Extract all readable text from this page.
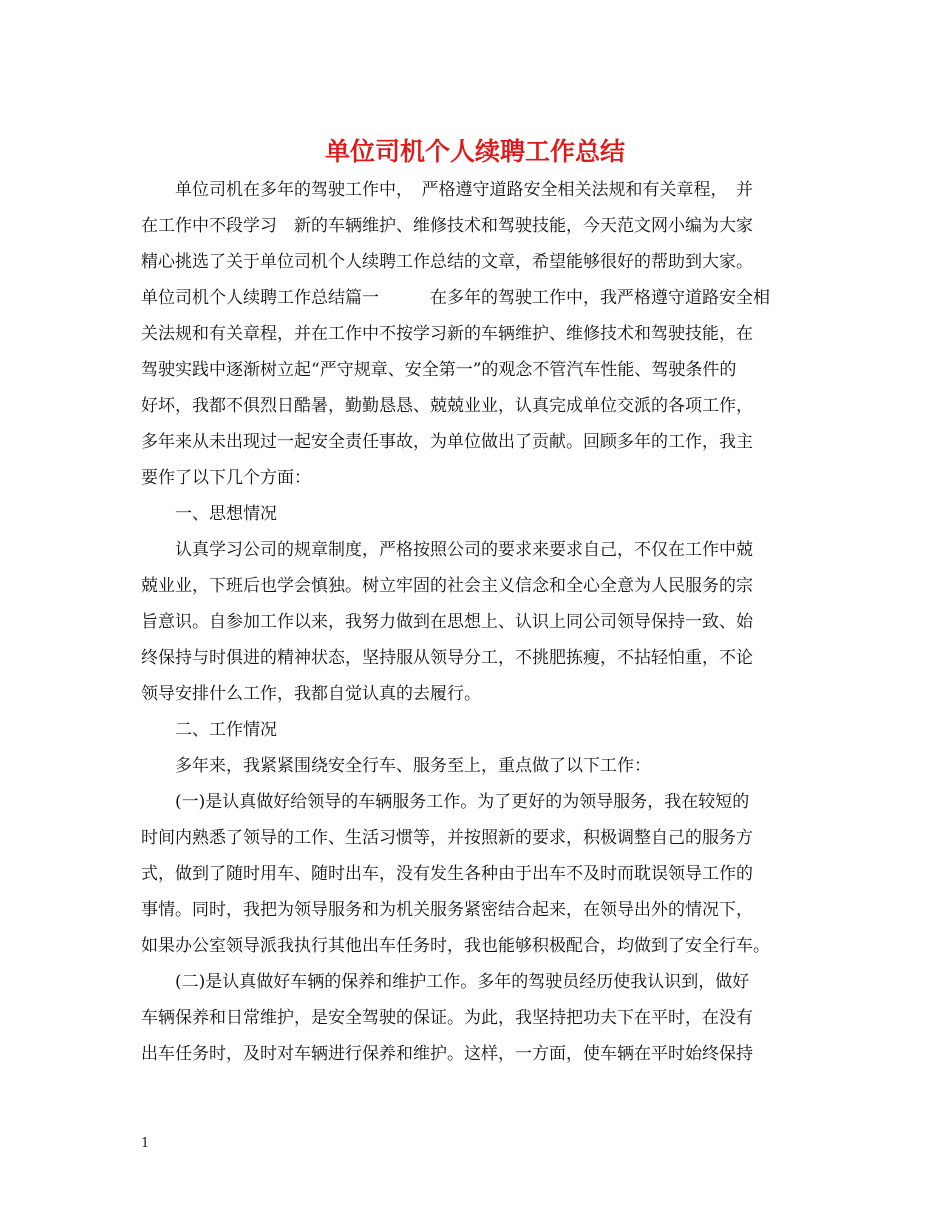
单位司机个人续聘工作总结
　　单位司机在多年的驾驶工作中，　严格遵守道路安全相关法规和有关章程，　并
在工作中不段学习　新的车辆维护、维修技术和驾驶技能，今天范文网小编为大家
精心挑选了关于单位司机个人续聘工作总结的文章，希望能够很好的帮助到大家。
单位司机个人续聘工作总结篇一　　　在多年的驾驶工作中，我严格遵守道路安全相
关法规和有关章程，并在工作中不按学习新的车辆维护、维修技术和驾驶技能，在
驾驶实践中逐渐树立起“严守规章、安全第一”的观念不管汽车性能、驾驶条件的
好坏，我都不俱烈日酷暑，勤勤恳恳、兢兢业业，认真完成单位交派的各项工作，
多年来从未出现过一起安全责任事故，为单位做出了贡献。回顾多年的工作，我主
要作了以下几个方面：
　　一、思想情况
　　认真学习公司的规章制度，严格按照公司的要求来要求自己，不仅在工作中兢
兢业业，下班后也学会慎独。树立牢固的社会主义信念和全心全意为人民服务的宗
旨意识。自参加工作以来，我努力做到在思想上、认识上同公司领导保持一致、始
终保持与时俱进的精神状态，坚持服从领导分工，不挑肥拣瘦，不拈轻怕重，不论
领导安排什么工作，我都自觉认真的去履行。
　　二、工作情况
　　多年来，我紧紧围绕安全行车、服务至上，重点做了以下工作：
　　(一)是认真做好给领导的车辆服务工作。为了更好的为领导服务，我在较短的
时间内熟悉了领导的工作、生活习惯等，并按照新的要求，积极调整自己的服务方
式，做到了随时用车、随时出车，没有发生各种由于出车不及时而耽误领导工作的
事情。同时，我把为领导服务和为机关服务紧密结合起来，在领导出外的情况下，
如果办公室领导派我执行其他出车任务时，我也能够积极配合，均做到了安全行车。
　　(二)是认真做好车辆的保养和维护工作。多年的驾驶员经历使我认识到，做好
车辆保养和日常维护，是安全驾驶的保证。为此，我坚持把功夫下在平时，在没有
出车任务时，及时对车辆进行保养和维护。这样，一方面，使车辆在平时始终保持
1
